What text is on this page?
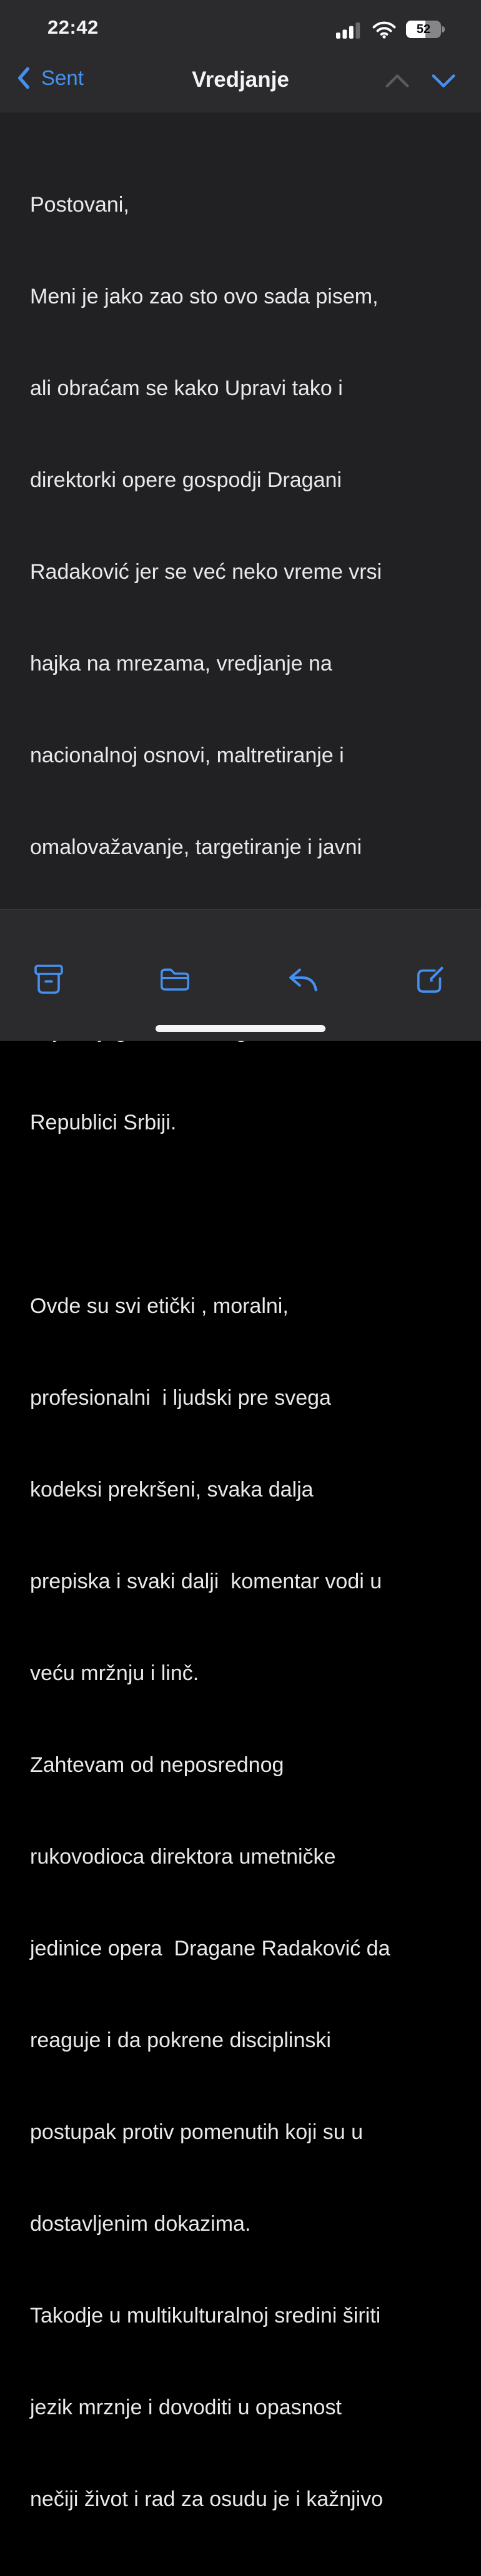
22:42	52
Sent	Vredjanje

Postovani,

Meni je jako zao sto ovo sada pisem,

ali obraćam se kako Upravi tako i

direktorki opere gospodji Dragani

Radaković jer se već neko vreme vrsi

hajka na mrezama, vredjanje na

nacionalnoj osnovi, maltretiranje i

omalovažavanje, targetiranje i javni

Republici Srbiji.

Ovde su svi etički , moralni,

profesionalni  i ljudski pre svega

kodeksi prekršeni, svaka dalja

prepiska i svaki dalji  komentar vodi u

veću mržnju i linč.

Zahtevam od neposrednog

rukovodioca direktora umetničke

jedinice opera  Dragane Radaković da

reaguje i da pokrene disciplinski

postupak protiv pomenutih koji su u

dostavljenim dokazima.

Takodje u multikulturalnoj sredini širiti

jezik mrznje i dovoditi u opasnost

nečiji život i rad za osudu je i kažnjivo
